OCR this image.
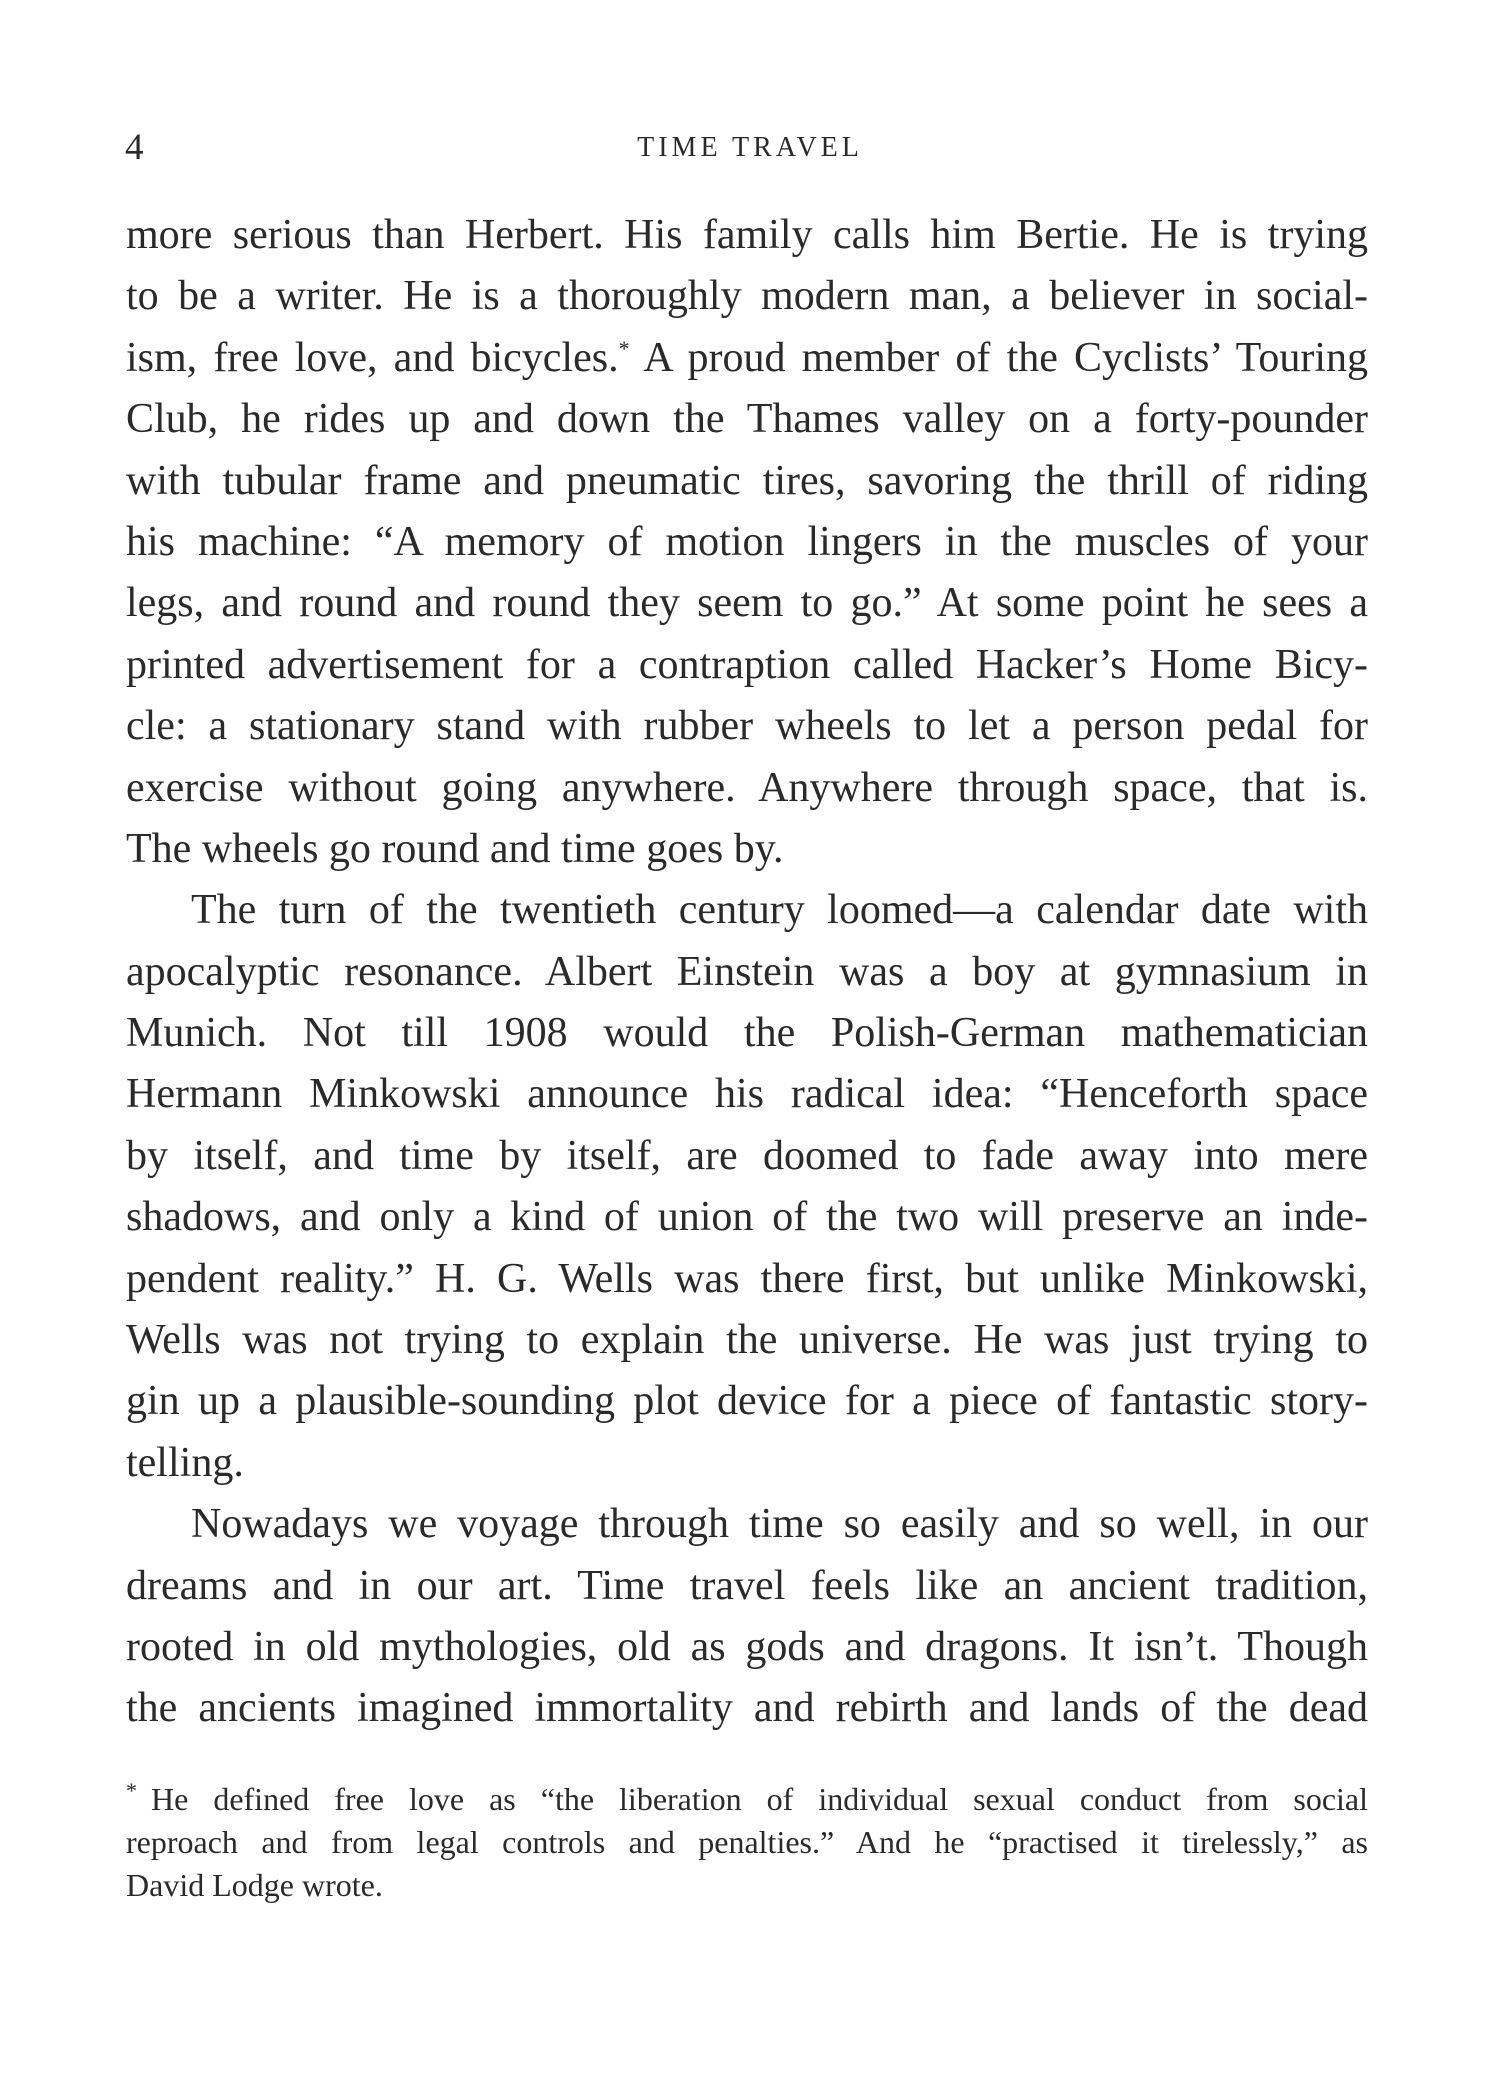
4	TIME TRAVEL
more serious than Herbert. His family calls him Bertie. He is trying
to be a writer. He is a thoroughly modern man, a believer in social-
ism, free love, and bicycles.* A proud member of the Cyclists’ Touring
Club, he rides up and down the Thames valley on a forty-pounder
with tubular frame and pneumatic tires, savoring the thrill of riding
his machine: “A memory of motion lingers in the muscles of your
legs, and round and round they seem to go.” At some point he sees a
printed advertisement for a contraption called Hacker’s Home Bicy-
cle: a stationary stand with rubber wheels to let a person pedal for
exercise without going anywhere. Anywhere through space, that is.
The wheels go round and time goes by.
The turn of the twentieth century loomed—a calendar date with
apocalyptic resonance. Albert Einstein was a boy at gymnasium in
Munich. Not till 1908 would the Polish-German mathematician
Hermann Minkowski announce his radical idea: “Henceforth space
by itself, and time by itself, are doomed to fade away into mere
shadows, and only a kind of union of the two will preserve an inde-
pendent reality.” H. G. Wells was there first, but unlike Minkowski,
Wells was not trying to explain the universe. He was just trying to
gin up a plausible-sounding plot device for a piece of fantastic story-
telling.
Nowadays we voyage through time so easily and so well, in our
dreams and in our art. Time travel feels like an ancient tradition,
rooted in old mythologies, old as gods and dragons. It isn’t. Though
the ancients imagined immortality and rebirth and lands of the dead
* He defined free love as “the liberation of individual sexual conduct from social
reproach and from legal controls and penalties.” And he “practised it tirelessly,” as
David Lodge wrote.
